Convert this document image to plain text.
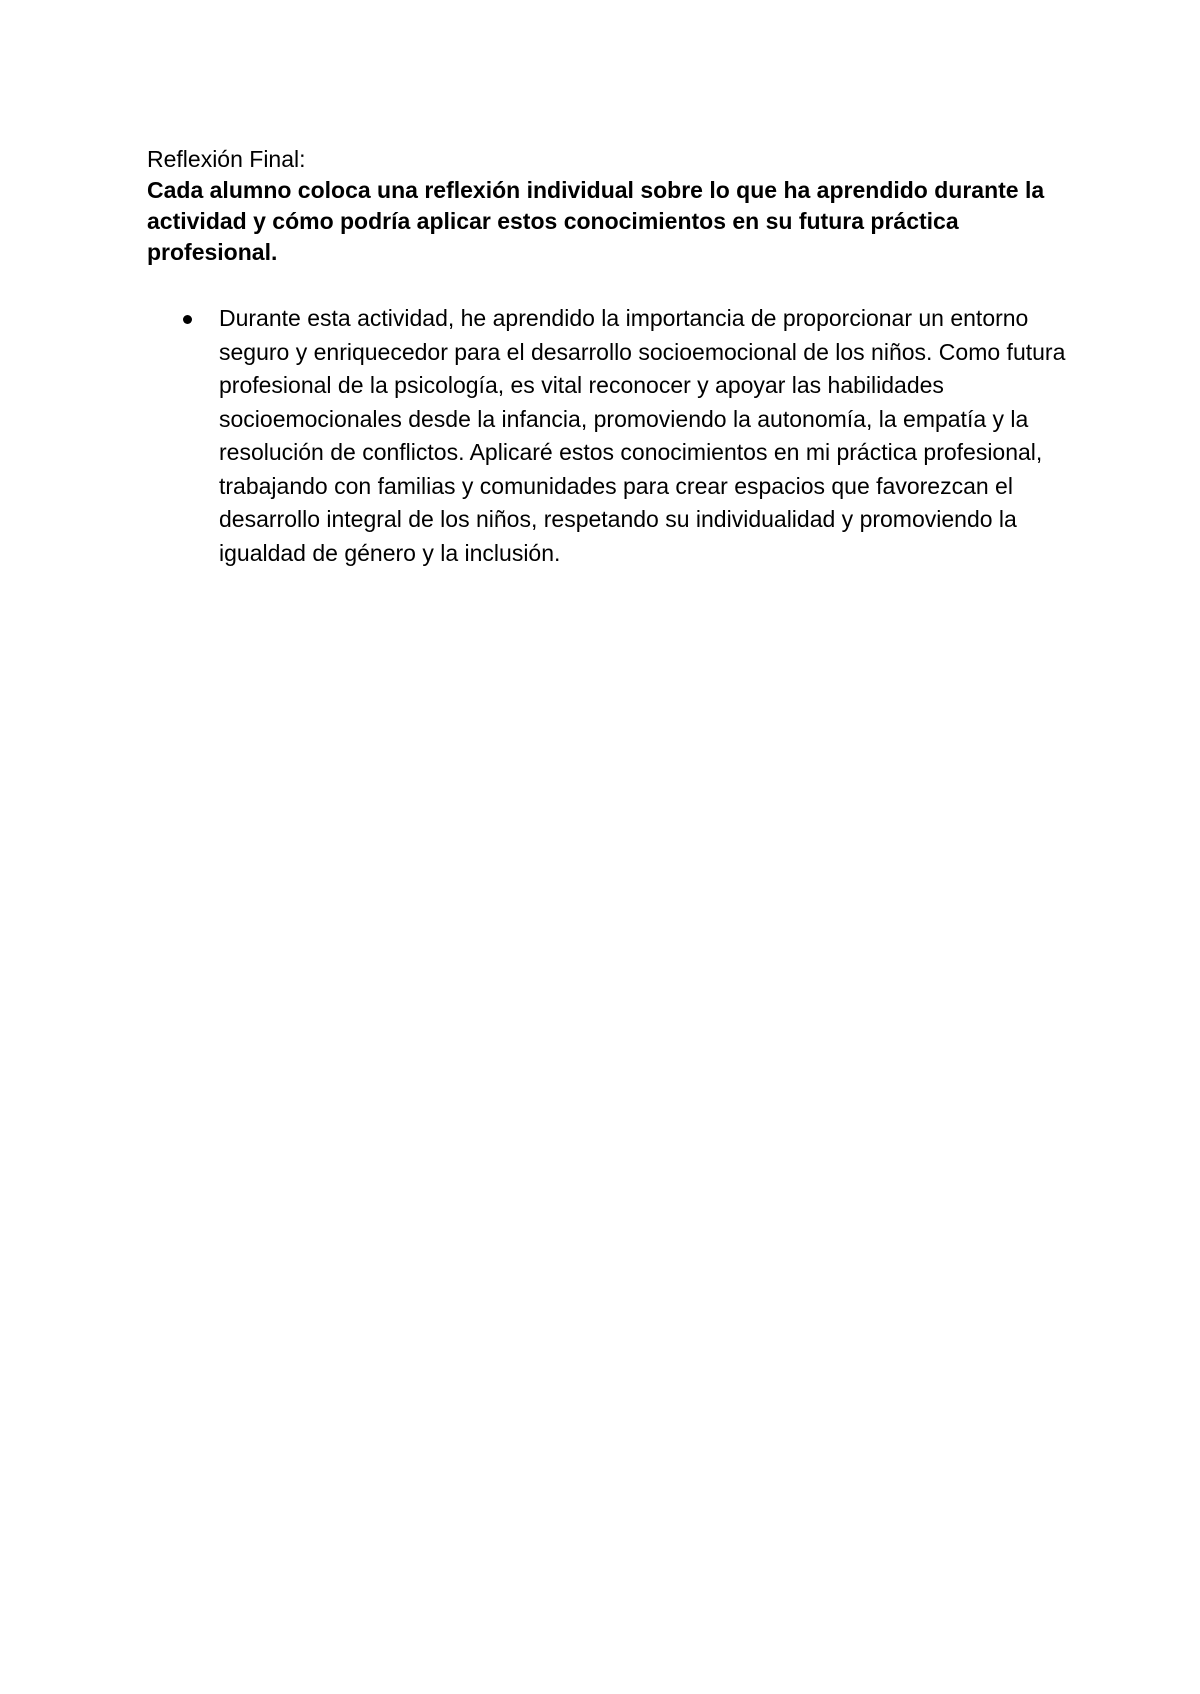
Reflexión Final:

Cada alumno coloca una reflexión individual sobre lo que ha aprendido durante la actividad y cómo podría aplicar estos conocimientos en su futura práctica profesional.

Durante esta actividad, he aprendido la importancia de proporcionar un entorno seguro y enriquecedor para el desarrollo socioemocional de los niños. Como futura profesional de la psicología, es vital reconocer y apoyar las habilidades socioemocionales desde la infancia, promoviendo la autonomía, la empatía y la resolución de conflictos. Aplicaré estos conocimientos en mi práctica profesional, trabajando con familias y comunidades para crear espacios que favorezcan el desarrollo integral de los niños, respetando su individualidad y promoviendo la igualdad de género y la inclusión.
